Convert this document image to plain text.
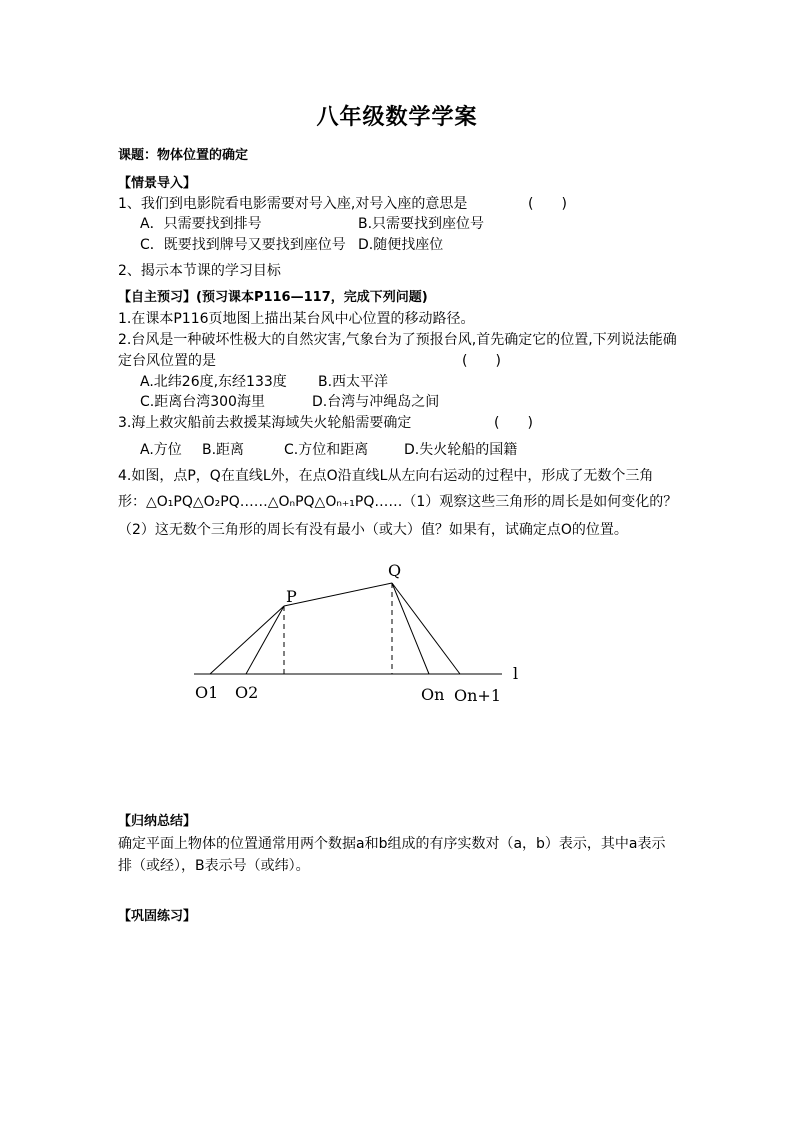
八年级数学学案
课题：物体位置的确定
【情景导入】
1、我们到电影院看电影需要对号入座,对号入座的意思是	(　　)
A．只需要找到排号	B.只需要找到座位号
C．既要找到牌号又要找到座位号 D.随便找座位
2、揭示本节课的学习目标
【自主预习】(预习课本P116—117，完成下列问题)
1.在课本P116页地图上描出某台风中心位置的移动路径。
2.台风是一种破坏性极大的自然灾害,气象台为了预报台风,首先确定它的位置,下列说法能确
定台风位置的是	(　　)
A.北纬26度,东经133度 B.西太平洋
C.距离台湾300海里	D.台湾与冲绳岛之间
3.海上救灾船前去救援某海域失火轮船需要确定	(　　)
A.方位 B.距离	C.方位和距离	D.失火轮船的国籍
4.如图，点P，Q在直线L外，在点O沿直线L从左向右运动的过程中，形成了无数个三角
形：△O₁PQ△O₂PQ……△OₙPQ△Oₙ₊₁PQ……（1）观察这些三角形的周长是如何变化的？
（2）这无数个三角形的周长有没有最小（或大）值？如果有，试确定点O的位置。
P
Q
l
O1 O2	On On+1
【归纳总结】
确定平面上物体的位置通常用两个数据a和b组成的有序实数对（a，b）表示，其中a表示
排（或经），B表示号（或纬）。
【巩固练习】
